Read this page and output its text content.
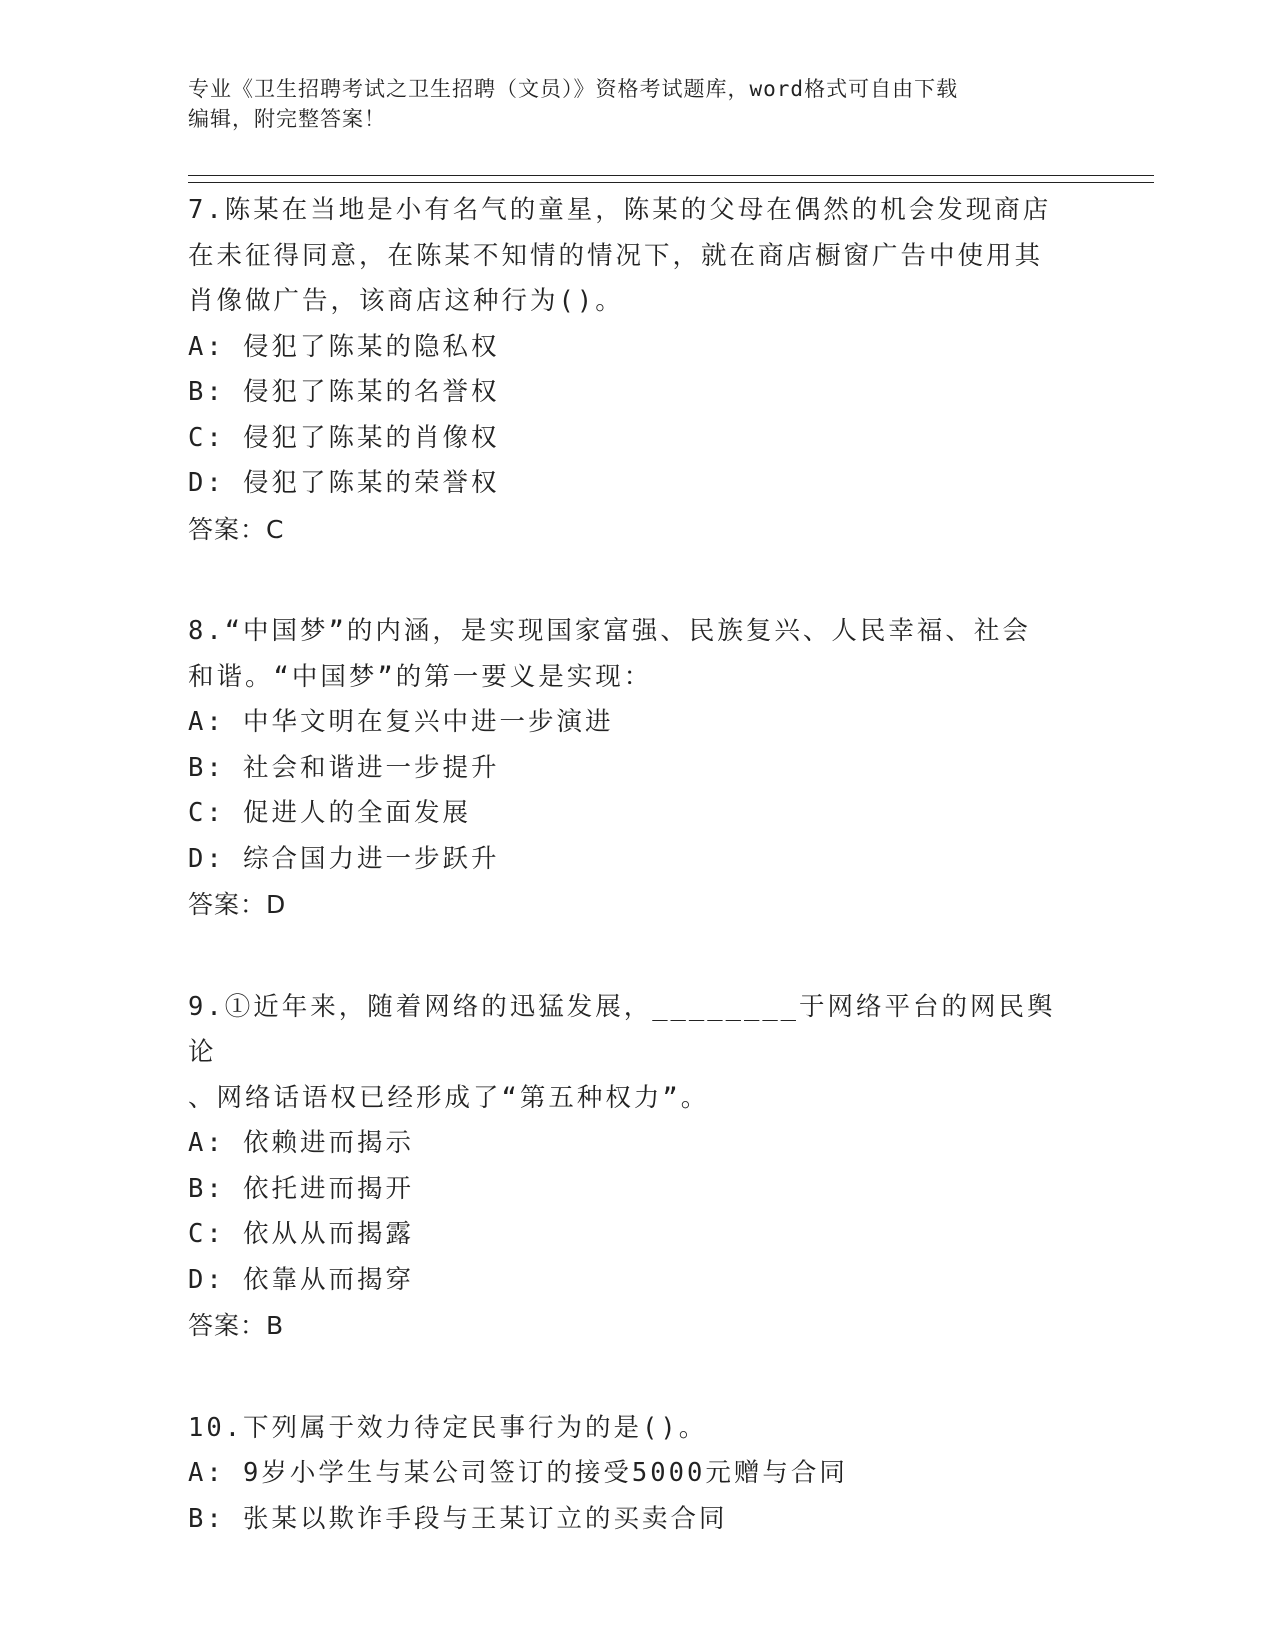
专业《卫生招聘考试之卫生招聘（文员）》资格考试题库，word格式可自由下载
编辑，附完整答案！
7.陈某在当地是小有名气的童星，陈某的父母在偶然的机会发现商店
在未征得同意，在陈某不知情的情况下，就在商店橱窗广告中使用其
肖像做广告，该商店这种行为()。
A: 侵犯了陈某的隐私权
B: 侵犯了陈某的名誉权
C: 侵犯了陈某的肖像权
D: 侵犯了陈某的荣誉权
答案：C
8.“中国梦”的内涵，是实现国家富强、民族复兴、人民幸福、社会
和谐。“中国梦”的第一要义是实现：
A: 中华文明在复兴中进一步演进
B: 社会和谐进一步提升
C: 促进人的全面发展
D: 综合国力进一步跃升
答案：D
9.①近年来，随着网络的迅猛发展，________于网络平台的网民舆论
、网络话语权已经形成了“第五种权力”。
A: 依赖进而揭示
B: 依托进而揭开
C: 依从从而揭露
D: 依靠从而揭穿
答案：B
10.下列属于效力待定民事行为的是()。
A: 9岁小学生与某公司签订的接受5000元赠与合同
B: 张某以欺诈手段与王某订立的买卖合同
